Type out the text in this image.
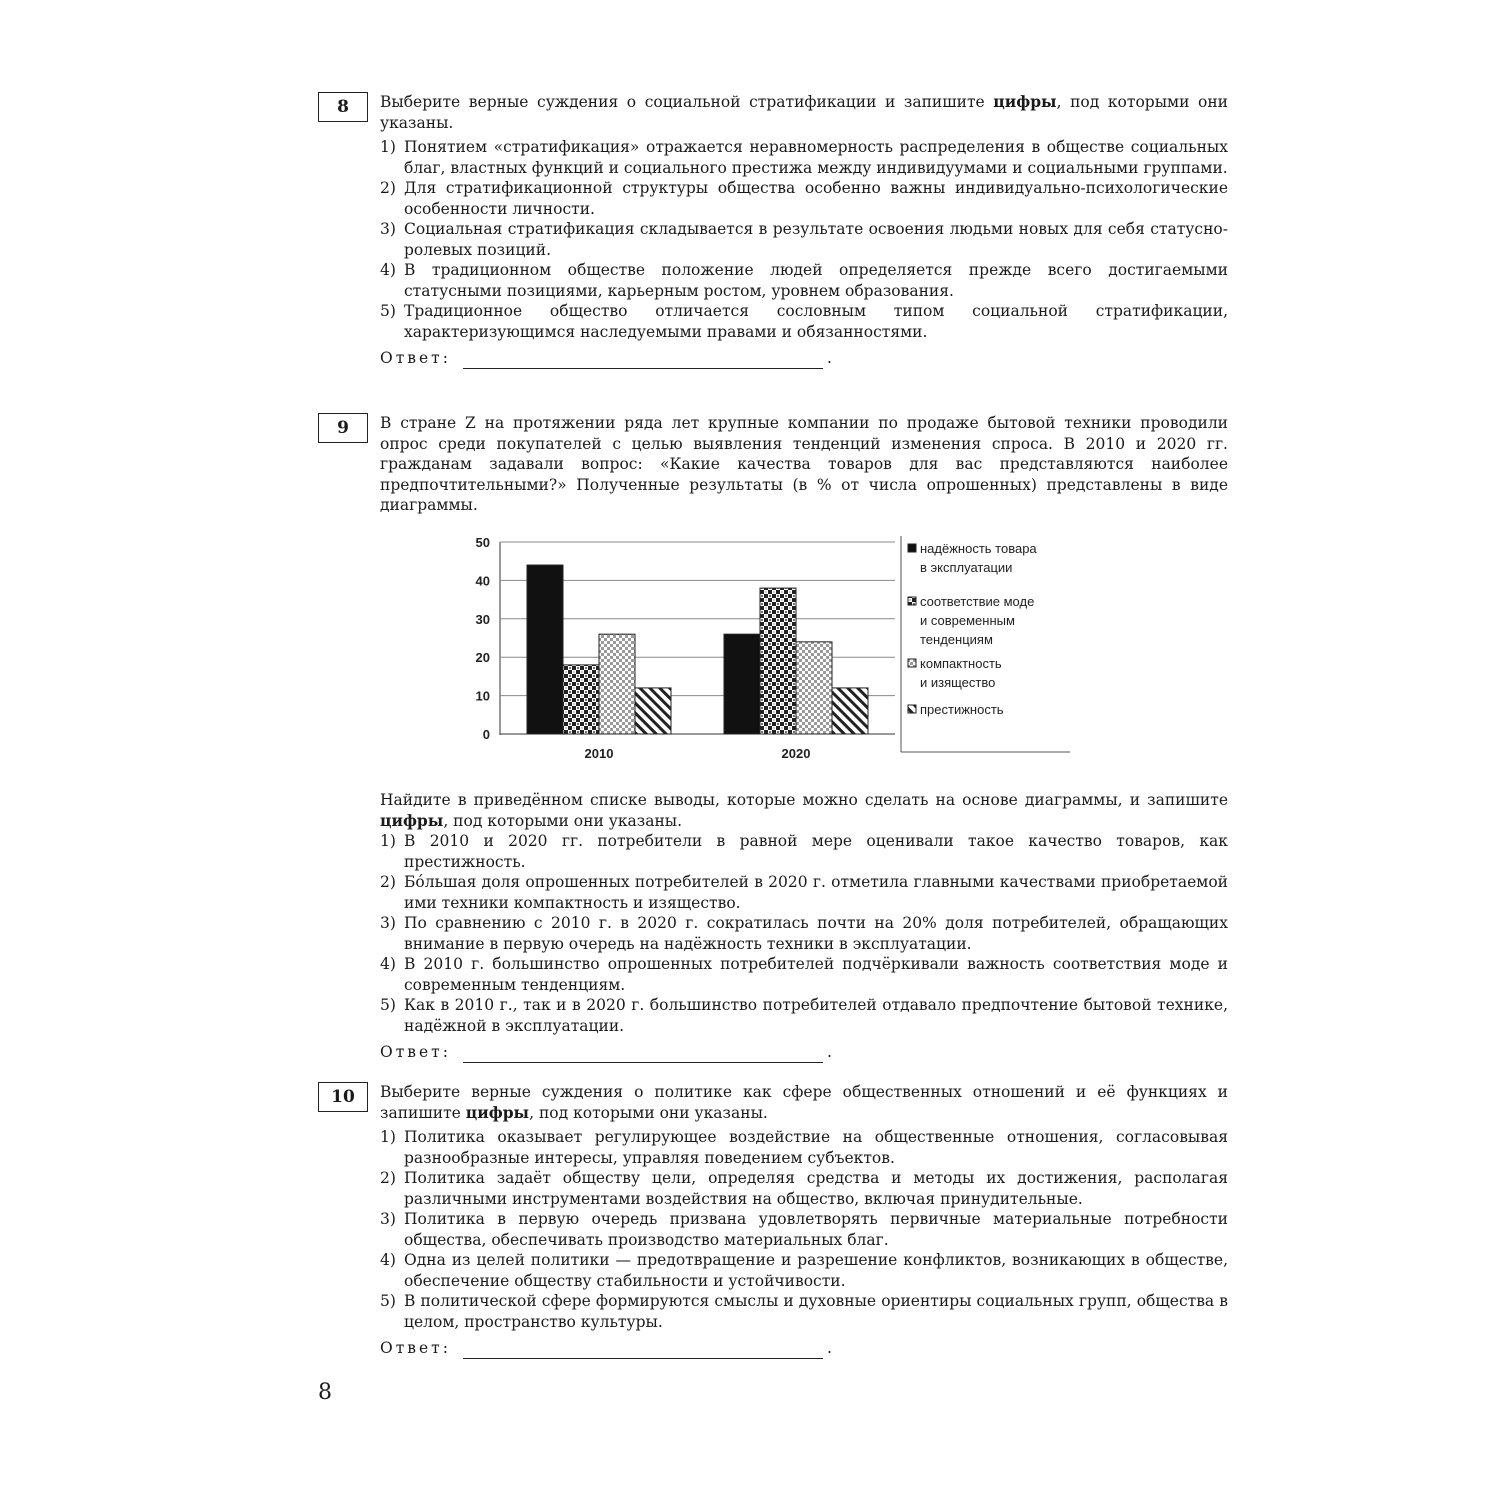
8	Выберите верные суждения о социальной стратификации и запишите цифры, под которыми они указаны.

1) Понятием «стратификация» отражается неравномерность распределения в обществе социальных благ, властных функций и социального престижа между индивидуумами и социальными группами.
2) Для стратификационной структуры общества особенно важны индивидуально-психологические особенности личности.
3) Социальная стратификация складывается в результате освоения людьми новых для себя статусно-ролевых позиций.
4) В традиционном обществе положение людей определяется прежде всего достигаемыми статусными позициями, карьерным ростом, уровнем образования.
5) Традиционное общество отличается сословным типом социальной стратификации, характеризующимся наследуемыми правами и обязанностями.
Ответ:	.
9	В стране Z на протяжении ряда лет крупные компании по продаже бытовой техники проводили опрос среди покупателей с целью выявления тенденций изменения спроса. В 2010 и 2020 гг. гражданам задавали вопрос: «Какие качества товаров для вас представляются наиболее предпочтительными?» Полученные результаты (в % от числа опрошенных) представлены в виде диаграммы.

0
10
20
30
40
50
2010	2020
надёжность товара
в эксплуатации
соответствие моде
и современным
тенденциям
компактность
и изящество
престижность

Найдите в приведённом списке выводы, которые можно сделать на основе диаграммы, и запишите цифры, под которыми они указаны.

1) В 2010 и 2020 гг. потребители в равной мере оценивали такое качество товаров, как престижность.
2) Бо́льшая доля опрошенных потребителей в 2020 г. отметила главными качествами приобретаемой ими техники компактность и изящество.
3) По сравнению с 2010 г. в 2020 г. сократилась почти на 20% доля потребителей, обращающих внимание в первую очередь на надёжность техники в эксплуатации.
4) В 2010 г. большинство опрошенных потребителей подчёркивали важность соответствия моде и современным тенденциям.
5) Как в 2010 г., так и в 2020 г. большинство потребителей отдавало предпочтение бытовой технике, надёжной в эксплуатации.
Ответ:	.
10	Выберите верные суждения о политике как сфере общественных отношений и её функциях и запишите цифры, под которыми они указаны.

1) Политика оказывает регулирующее воздействие на общественные отношения, согласовывая разнообразные интересы, управляя поведением субъектов.
2) Политика задаёт обществу цели, определяя средства и методы их достижения, располагая различными инструментами воздействия на общество, включая принудительные.
3) Политика в первую очередь призвана удовлетворять первичные материальные потребности общества, обеспечивать производство материальных благ.
4) Одна из целей политики — предотвращение и разрешение конфликтов, возникающих в обществе, обеспечение обществу стабильности и устойчивости.
5) В политической сфере формируются смыслы и духовные ориентиры социальных групп, общества в целом, пространство культуры.
Ответ:	.
8
